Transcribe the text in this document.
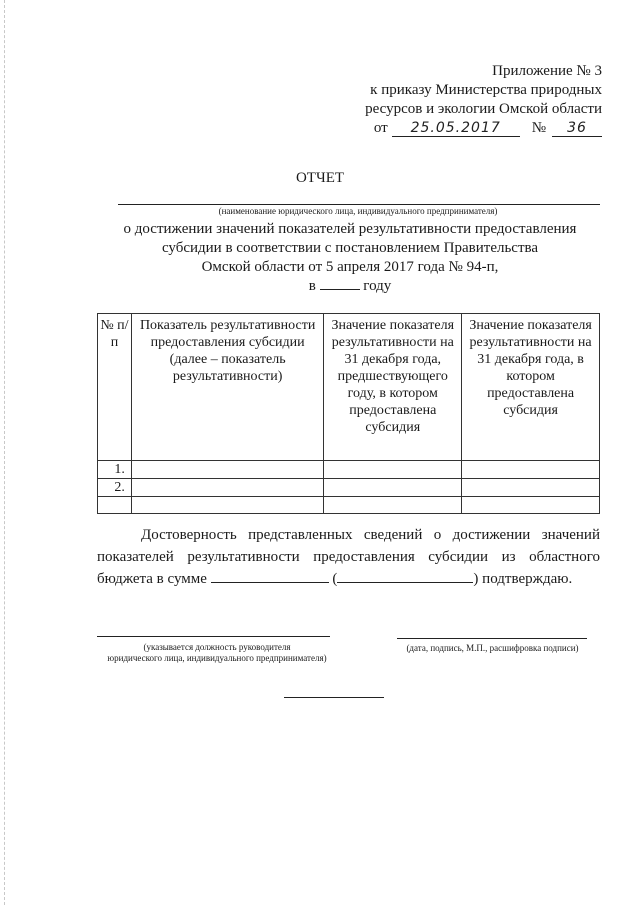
Приложение № 3
к приказу Министерства природных
ресурсов и экологии Омской области
от 25.05.2017 № 36
ОТЧЕТ
(наименование юридического лица, индивидуального предпринимателя)
о достижении значений показателей результативности предоставления
субсидии в соответствии с постановлением Правительства
Омской области от 5 апреля 2017 года № 94-п,
в	году
№ п/п	Показатель результативности предоставления субсидии (далее – показатель результативности)	Значение показателя результативности на 31 декабря года, предшествующего году, в котором предоставлена субсидия	Значение показателя результативности на 31 декабря года, в котором предоставлена субсидия
1.			
2.			

Достоверность представленных сведений о достижении значений показателей результативности предоставления субсидии из областного бюджета в сумме	(	) подтверждаю.
(указывается должность руководителя
юридического лица, индивидуального предпринимателя)
(дата, подпись, М.П., расшифровка подписи)
